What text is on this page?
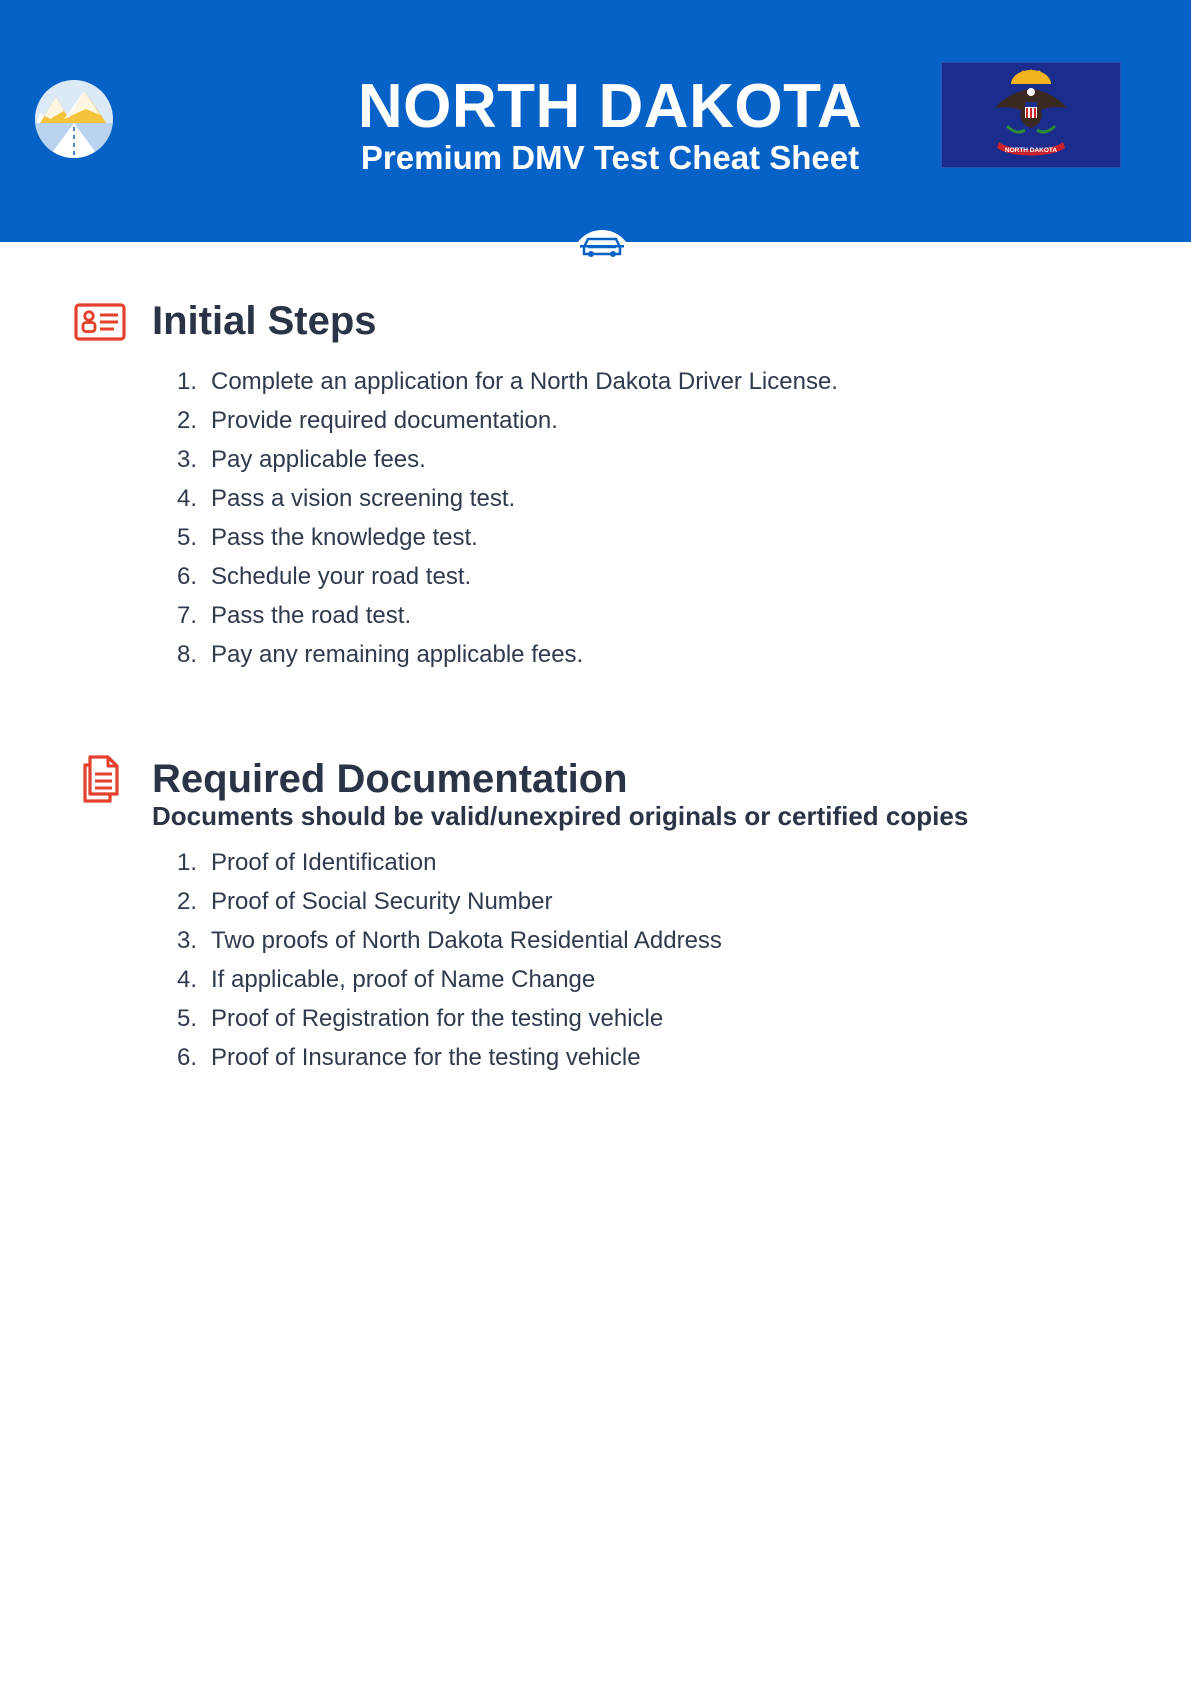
NORTH DAKOTA
Premium DMV Test Cheat Sheet	NORTH DAKOTA
Initial Steps
1. Complete an application for a North Dakota Driver License.
2. Provide required documentation.
3. Pay applicable fees.
4. Pass a vision screening test.
5. Pass the knowledge test.
6. Schedule your road test.
7. Pass the road test.
8. Pay any remaining applicable fees.
Required Documentation
Documents should be valid/unexpired originals or certified copies
1. Proof of Identification
2. Proof of Social Security Number
3. Two proofs of North Dakota Residential Address
4. If applicable, proof of Name Change
5. Proof of Registration for the testing vehicle
6. Proof of Insurance for the testing vehicle
